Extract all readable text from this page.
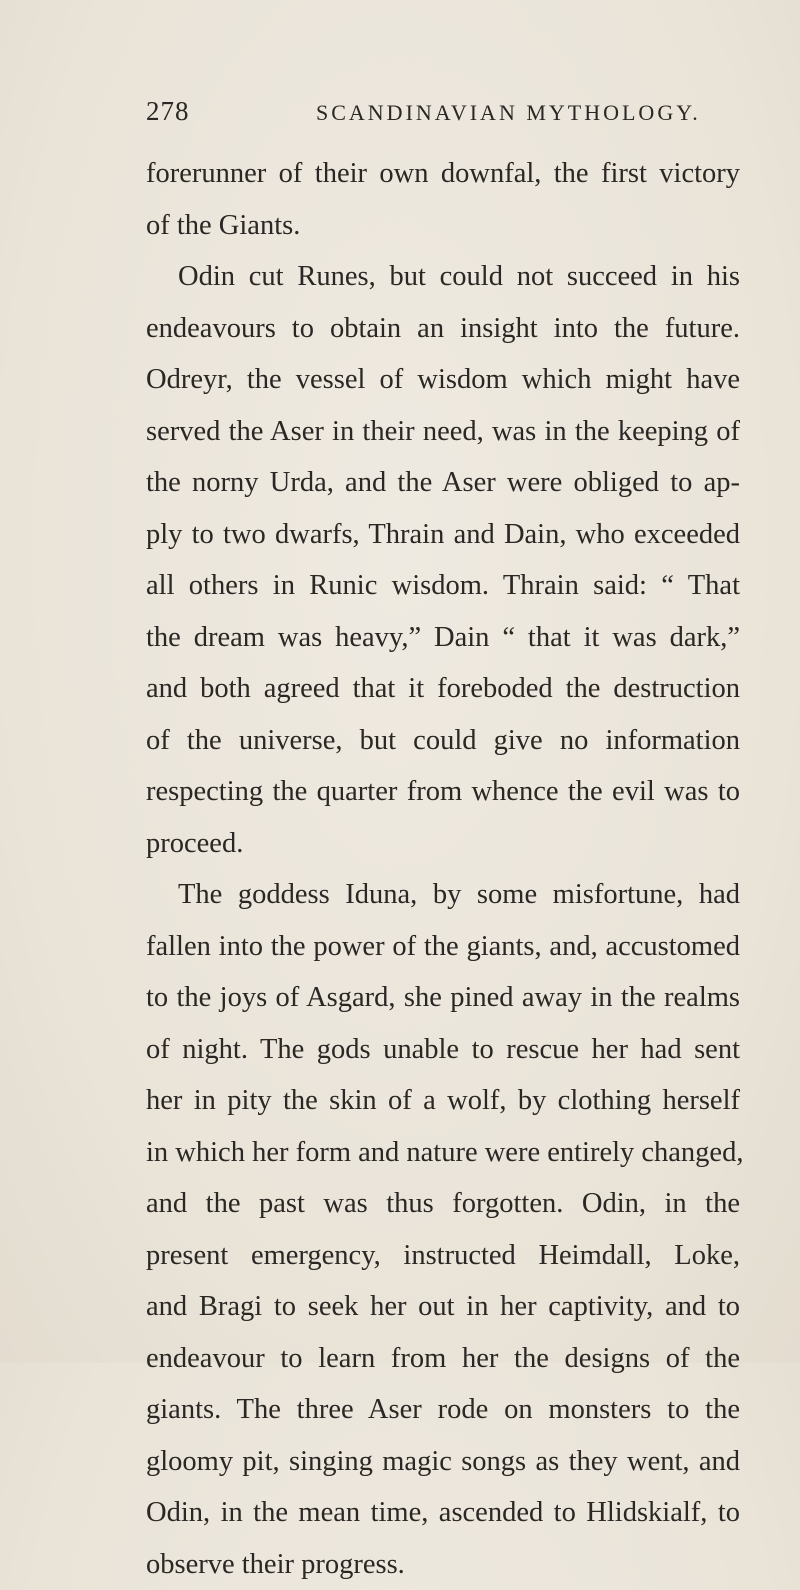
278	SCANDINAVIAN MYTHOLOGY.
forerunner of their own downfal, the first victory
of the Giants.
Odin cut Runes, but could not succeed in his
endeavours to obtain an insight into the future.
Odreyr, the vessel of wisdom which might have
served the Aser in their need, was in the keeping of
the norny Urda, and the Aser were obliged to ap-
ply to two dwarfs, Thrain and Dain, who exceeded
all others in Runic wisdom. Thrain said: “ That
the dream was heavy,” Dain “ that it was dark,”
and both agreed that it foreboded the destruction
of the universe, but could give no information
respecting the quarter from whence the evil was to
proceed.
The goddess Iduna, by some misfortune, had
fallen into the power of the giants, and, accustomed
to the joys of Asgard, she pined away in the realms
of night. The gods unable to rescue her had sent
her in pity the skin of a wolf, by clothing herself
in which her form and nature were entirely changed,
and the past was thus forgotten. Odin, in the
present emergency, instructed Heimdall, Loke,
and Bragi to seek her out in her captivity, and to
endeavour to learn from her the designs of the
giants. The three Aser rode on monsters to the
gloomy pit, singing magic songs as they went, and
Odin, in the mean time, ascended to Hlidskialf, to
observe their progress.
